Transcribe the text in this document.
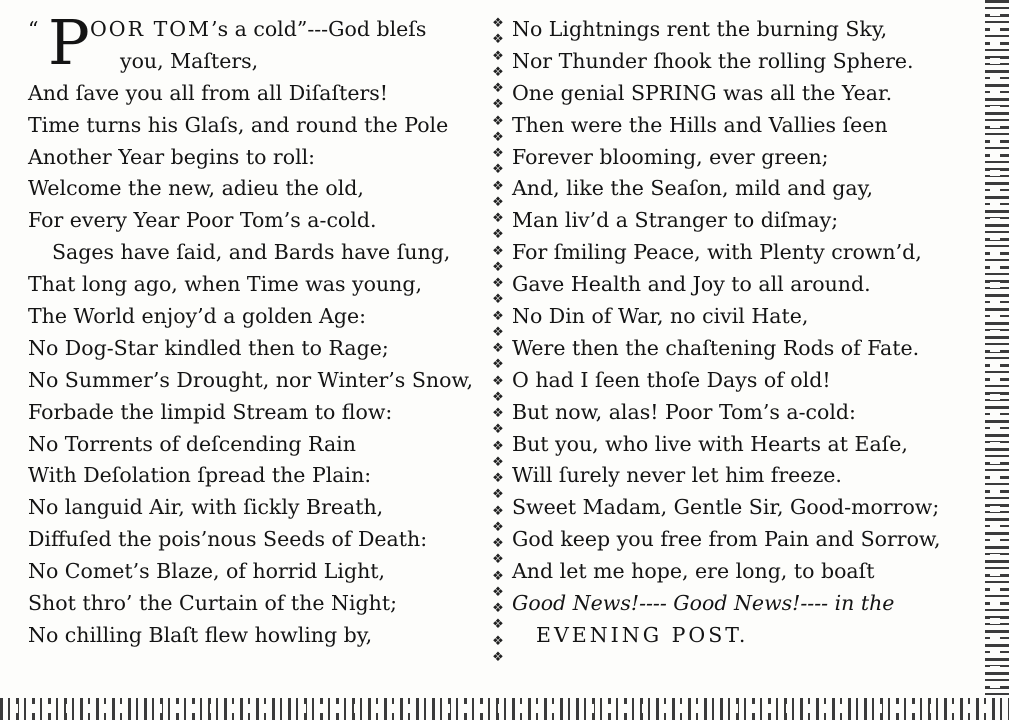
“ P OOR TOM’s a cold”---God bleſs
you, Maſters,
And ſave you all from all Diſaſters!
Time turns his Glaſs, and round the Pole
Another Year begins to roll:
Welcome the new, adieu the old,
For every Year Poor Tom’s a-cold.
Sages have ſaid, and Bards have ſung,
That long ago, when Time was young,
The World enjoy’d a golden Age:
No Dog-Star kindled then to Rage;
No Summer’s Drought, nor Winter’s Snow,
Forbade the limpid Stream to flow:
No Torrents of deſcending Rain
With Deſolation ſpread the Plain:
No languid Air, with ſickly Breath,
Diffuſed the pois’nous Seeds of Death:
No Comet’s Blaze, of horrid Light,
Shot thro’ the Curtain of the Night;
No chilling Blaſt flew howling by,
❖
❖
❖
❖
❖
❖
❖
❖
❖
❖
❖
❖
❖
❖
❖
❖
❖
❖
❖
❖
❖
❖
❖
❖
❖
❖
❖
❖
❖
❖
❖
❖
❖
❖
❖
❖
❖
❖
❖
❖
No Lightnings rent the burning Sky,
Nor Thunder ſhook the rolling Sphere.
One genial SPRING was all the Year.
Then were the Hills and Vallies ſeen
Forever blooming, ever green;
And, like the Seaſon, mild and gay,
Man liv’d a Stranger to diſmay;
For ſmiling Peace, with Plenty crown’d,
Gave Health and Joy to all around.
No Din of War, no civil Hate,
Were then the chaſtening Rods of Fate.
O had I ſeen thoſe Days of old!
But now, alas! Poor Tom’s a-cold:
But you, who live with Hearts at Eaſe,
Will ſurely never let him freeze.
Sweet Madam, Gentle Sir, Good-morrow;
God keep you free from Pain and Sorrow,
And let me hope, ere long, to boaſt
Good News!---- Good News!---- in the
EVENING POST.
